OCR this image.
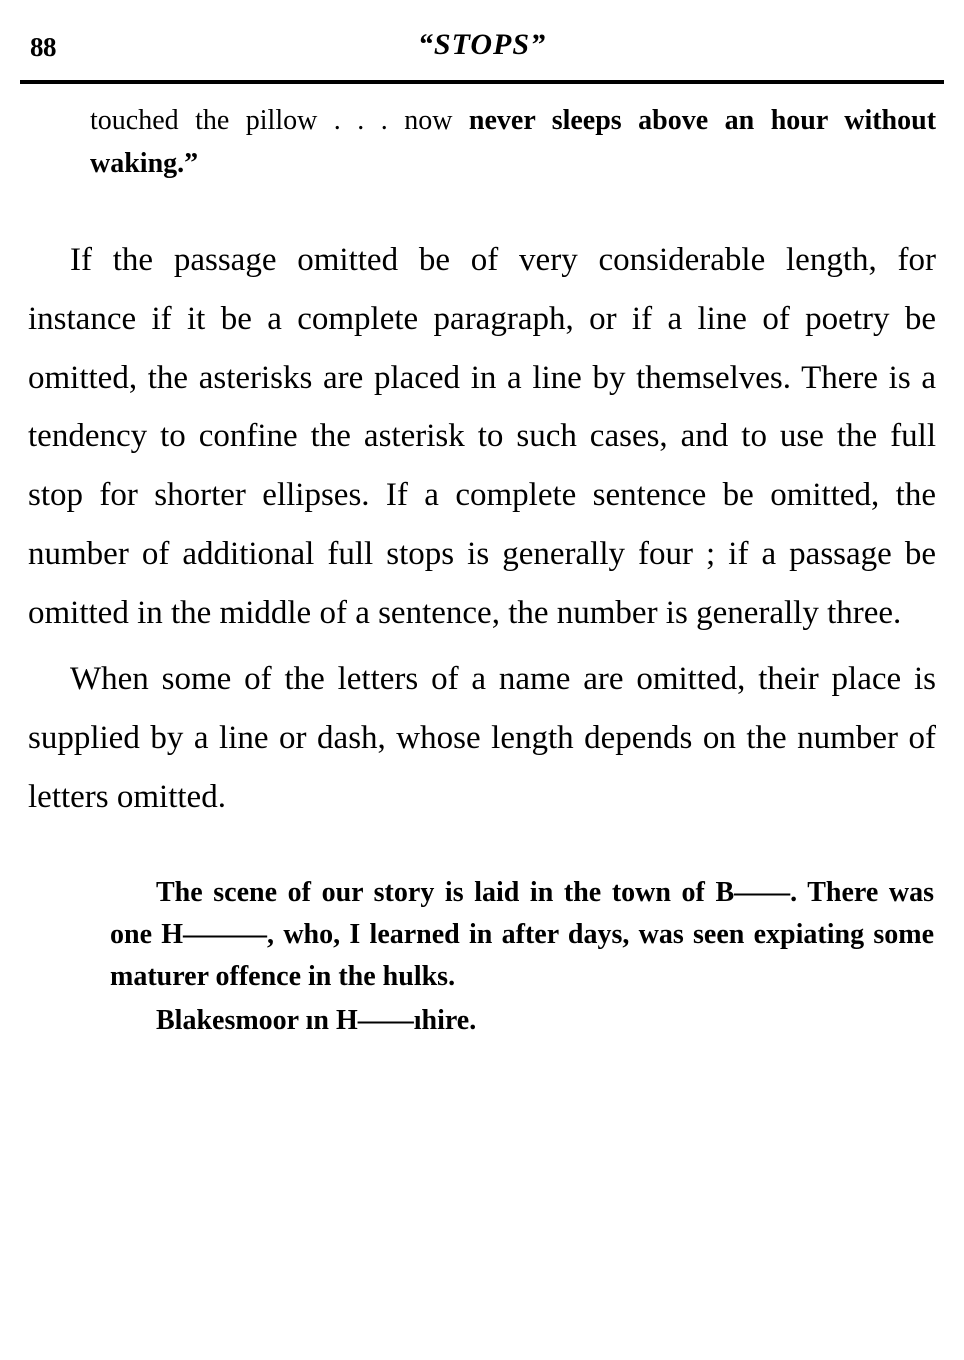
88	“STOPS”

touched the pillow . . . now never sleeps above an hour without waking.”

If the passage omitted be of very considerable length, for instance if it be a complete paragraph, or if a line of poetry be omitted, the asterisks are placed in a line by themselves. There is a tendency to confine the asterisk to such cases, and to use the full stop for shorter ellipses. If a complete sentence be omitted, the number of additional full stops is generally four ; if a passage be omitted in the middle of a sentence, the number is generally three.

When some of the letters of a name are omitted, their place is supplied by a line or dash, whose length depends on the number of letters omitted.

The scene of our story is laid in the town of B——. There was one H———, who, I learned in after days, was seen expiating some maturer offence in the hulks.

Blakesmoor ın H——ıhire.
